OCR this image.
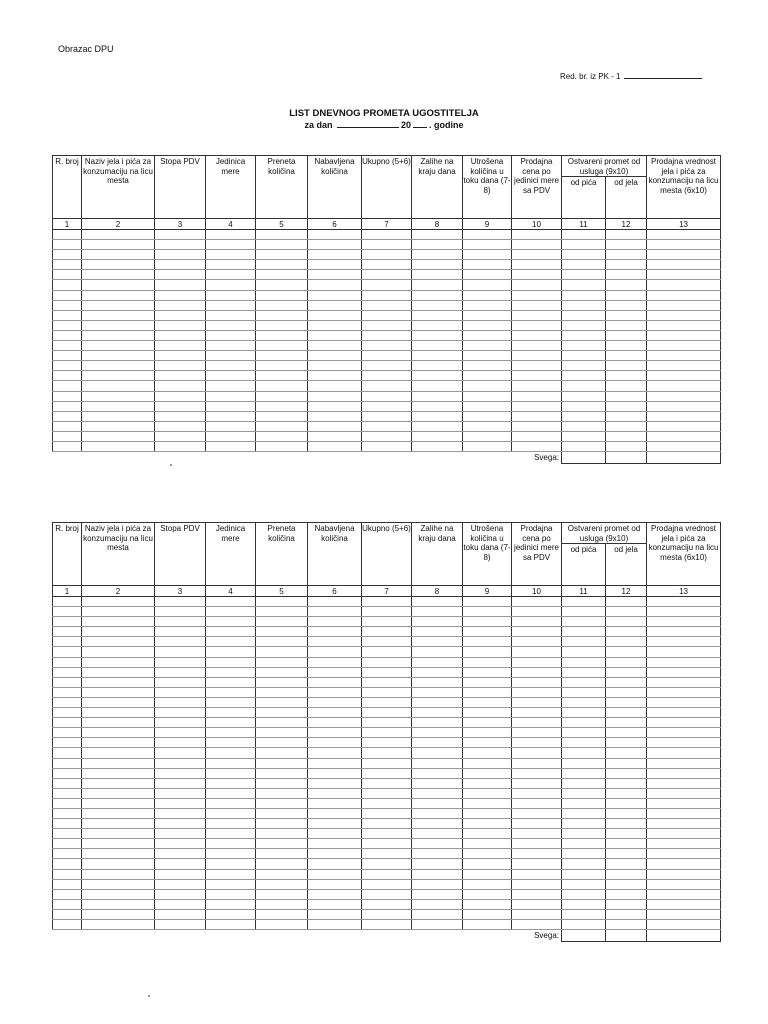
Obrazac DPU
Red. br. iz PK - 1
LIST DNEVNOG PROMETA UGOSTITELJA
za dan	20 . godine
R. broj	Naziv jela i pića za konzumaciju na licu mesta	Stopa PDV	Jedinica mere	Preneta količina	Nabavljena količina	Ukupno (5+6)	Zalihe na kraju dana	Utrošena količina u toku dana (7-8)	Prodajna cena po jedinici mere sa PDV	Ostvareni promet od usluga (9x10)		Prodajna vrednost jela i pića za konzumaciju na licu mesta (6x10)
										od pića	od jela	
1	2	3	4	5	6	7	8	9	10	11	12	13

								Svega:				
R. broj	Naziv jela i pića za konzumaciju na licu mesta	Stopa PDV	Jedinica mere	Preneta količina	Nabavljena količina	Ukupno (5+6)	Zalihe na kraju dana	Utrošena količina u toku dana (7-8)	Prodajna cena po jedinici mere sa PDV	Ostvareni promet od usluga (9x10)		Prodajna vrednost jela i pića za konzumaciju na licu mesta (6x10)
										od pića	od jela	
1	2	3	4	5	6	7	8	9	10	11	12	13

								Svega:				
